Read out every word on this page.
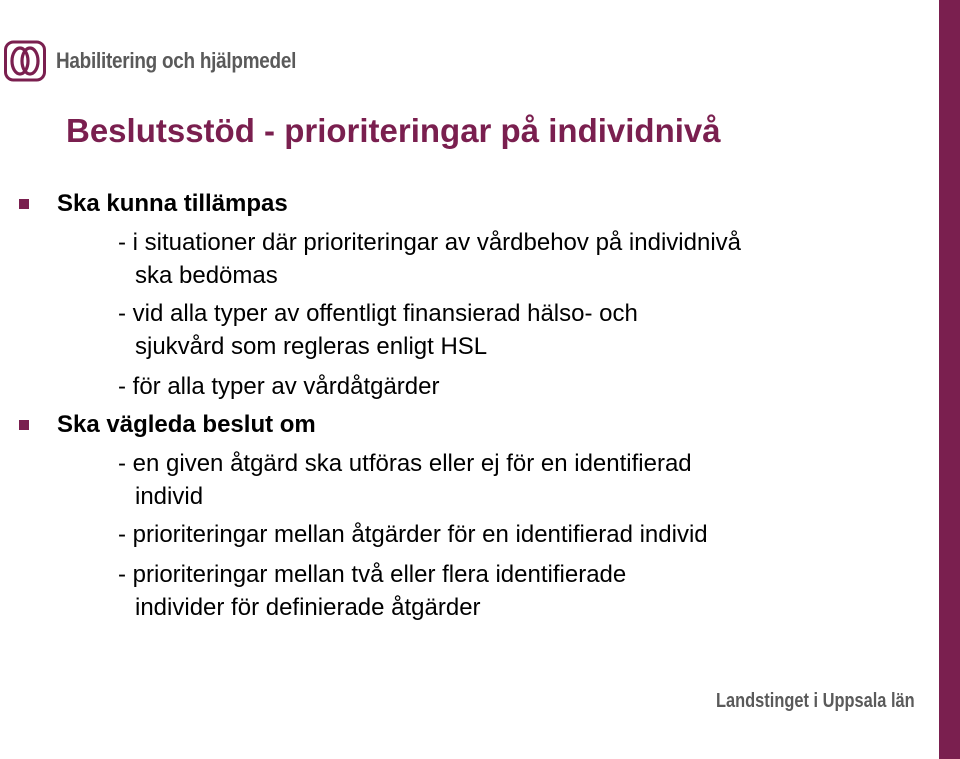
Habilitering och hjälpmedel
Beslutsstöd - prioriteringar på individnivå
Ska kunna tillämpas
- i situationer där prioriteringar av vårdbehov på individnivå
ska bedömas
- vid alla typer av offentligt finansierad hälso- och
sjukvård som regleras enligt HSL
- för alla typer av vårdåtgärder
Ska vägleda beslut om
- en given åtgärd ska utföras eller ej för en identifierad
individ
- prioriteringar mellan åtgärder för en identifierad individ
- prioriteringar mellan två eller flera identifierade
individer för definierade åtgärder
Landstinget i Uppsala län
